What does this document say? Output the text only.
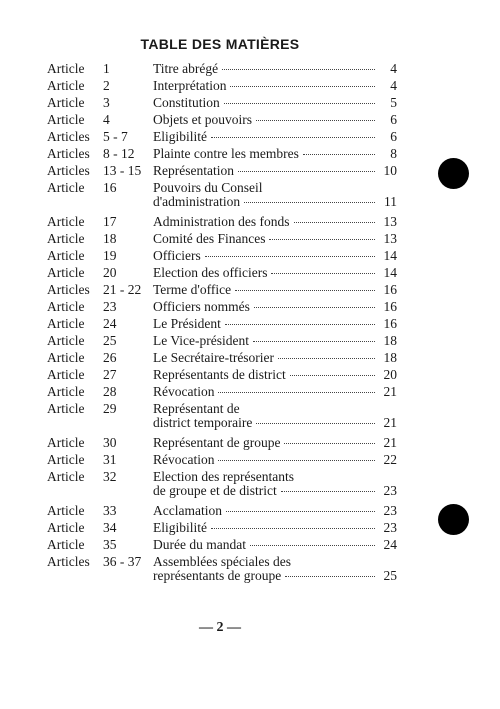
TABLE DES MATIÈRES
Article 1	Titre abrégé	4
Article 2	Interprétation	4
Article 3	Constitution	5
Article 4	Objets et pouvoirs	6
Articles 5 - 7 Eligibilité	6
Articles 8 - 12 Plainte contre les membres	8
Articles 13 - 15 Représentation	10
Article 16	Pouvoirs du Conseil
d'administration	11
Article 17	Administration des fonds	13
Article 18	Comité des Finances	13
Article 19	Officiers	14
Article 20	Election des officiers	14
Articles 21 - 22 Terme d'office	16
Article 23	Officiers nommés	16
Article 24	Le Président	16
Article 25	Le Vice-président	18
Article 26	Le Secrétaire-trésorier	18
Article 27	Représentants de district	20
Article 28	Révocation	21
Article 29	Représentant de
district temporaire	21
Article 30	Représentant de groupe	21
Article 31	Révocation	22
Article 32	Election des représentants
de groupe et de district	23
Article 33	Acclamation	23
Article 34	Eligibilité	23
Article 35	Durée du mandat	24
Articles 36 - 37 Assemblées spéciales des
représentants de groupe	25
— 2 —
